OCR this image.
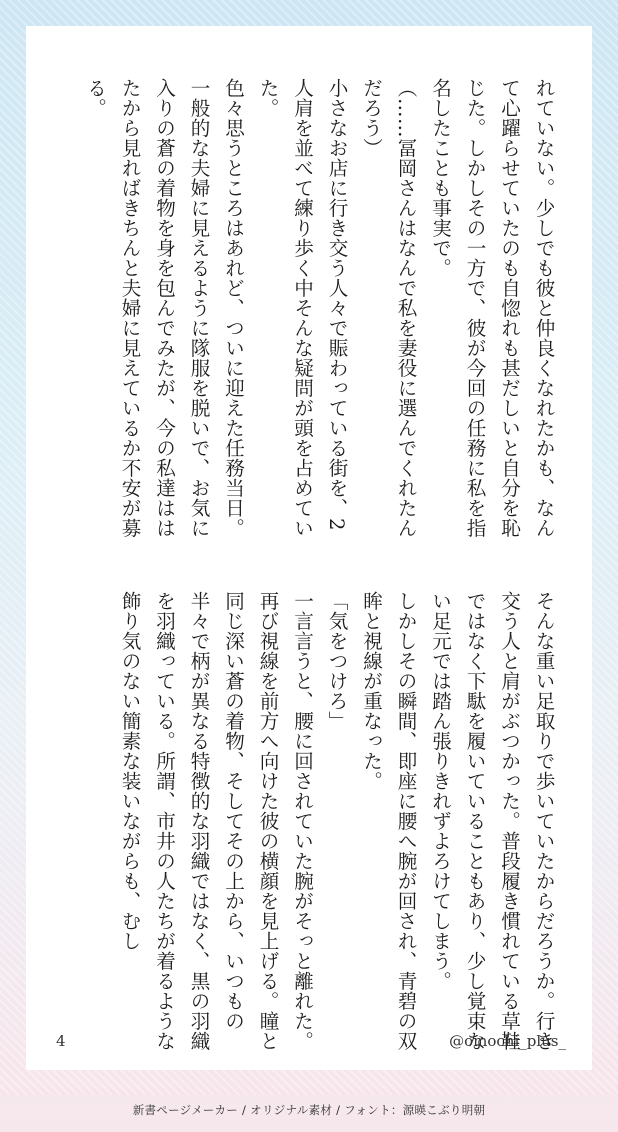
れていない。少しでも彼と仲良くなれたかも、なんて心躍らせていたのも自惚れも甚だしいと自分を恥じた。しかしその一方で、彼が今回の任務に私を指名したことも事実で。

（……冨岡さんはなんで私を妻役に選んでくれたんだろう）

小さなお店に行き交う人々で賑わっている街を、2人肩を並べて練り歩く中そんな疑問が頭を占めていた。

色々思うところはあれど、ついに迎えた任務当日。一般的な夫婦に見えるように隊服を脱いで、お気に入りの蒼の着物を身を包んでみたが、今の私達ははたから見ればきちんと夫婦に見えているか不安が募る。

そんな重い足取りで歩いていたからだろうか。行き交う人と肩がぶつかった。普段履き慣れている草鞋ではなく下駄を履いていることもあり、少し覚束ない足元では踏ん張りきれずよろけてしまう。

しかしその瞬間、即座に腰へ腕が回され、青碧の双眸と視線が重なった。

「気をつけろ」

一言言うと、腰に回されていた腕がそっと離れた。再び視線を前方へ向けた彼の横顔を見上げる。瞳と同じ深い蒼の着物、そしてその上から、いつもの半々で柄が異なる特徴的な羽織ではなく、黒の羽織を羽織っている。所謂、市井の人たちが着るような飾り気のない簡素な装いながらも、むし

4	@omochi_plus_
新書ページメーカー / オリジナル素材 / フォント：源暎こぶり明朝
